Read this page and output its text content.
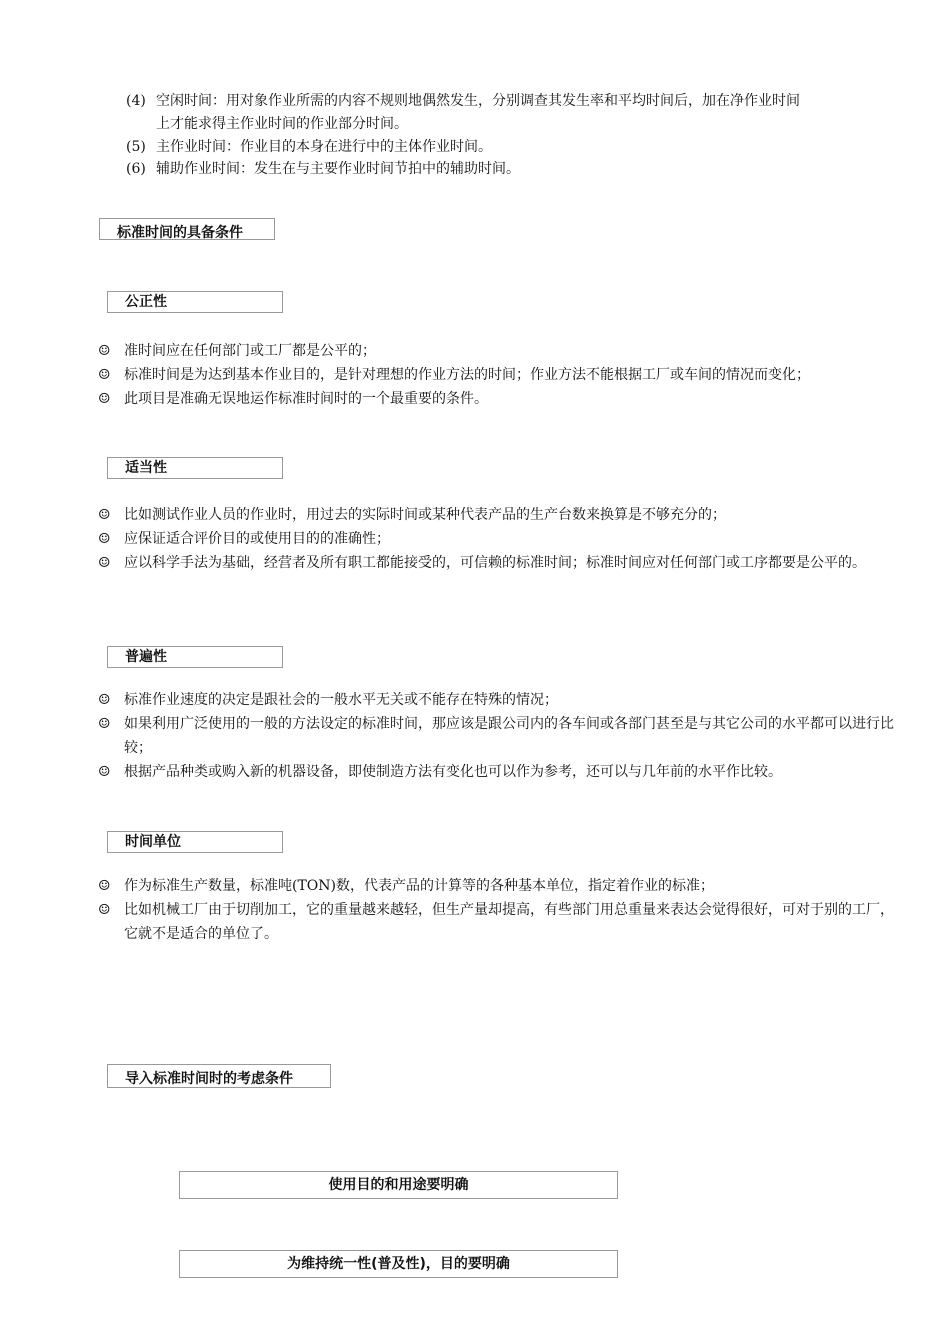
(4) 空闲时间：用对象作业所需的内容不规则地偶然发生，分别调查其发生率和平均时间后，加在净作业时间
上才能求得主作业时间的作业部分时间。
(5) 主作业时间：作业目的本身在进行中的主体作业时间。
(6) 辅助作业时间：发生在与主要作业时间节拍中的辅助时间。
标准时间的具备条件
公正性
☺ 准时间应在任何部门或工厂都是公平的；
☺ 标准时间是为达到基本作业目的，是针对理想的作业方法的时间；作业方法不能根据工厂或车间的情况而变化；
☺ 此项目是准确无误地运作标准时间时的一个最重要的条件。
适当性
☺ 比如测试作业人员的作业时，用过去的实际时间或某种代表产品的生产台数来换算是不够充分的；
☺ 应保证适合评价目的或使用目的的准确性；
☺ 应以科学手法为基础，经营者及所有职工都能接受的，可信赖的标准时间；标准时间应对任何部门或工序都要是公平的。
普遍性
☺ 标准作业速度的决定是跟社会的一般水平无关或不能存在特殊的情况；
☺ 如果利用广泛使用的一般的方法设定的标准时间，那应该是跟公司内的各车间或各部门甚至是与其它公司的水平都可以进行比较；
☺ 根据产品种类或购入新的机器设备，即使制造方法有变化也可以作为参考，还可以与几年前的水平作比较。
时间单位
☺ 作为标准生产数量，标准吨(TON)数，代表产品的计算等的各种基本单位，指定着作业的标准；
☺ 比如机械工厂由于切削加工，它的重量越来越轻，但生产量却提高，有些部门用总重量来表达会觉得很好，可对于别的工厂，它就不是适合的单位了。
导入标准时间时的考虑条件
使用目的和用途要明确
为维持统一性(普及性)，目的要明确
